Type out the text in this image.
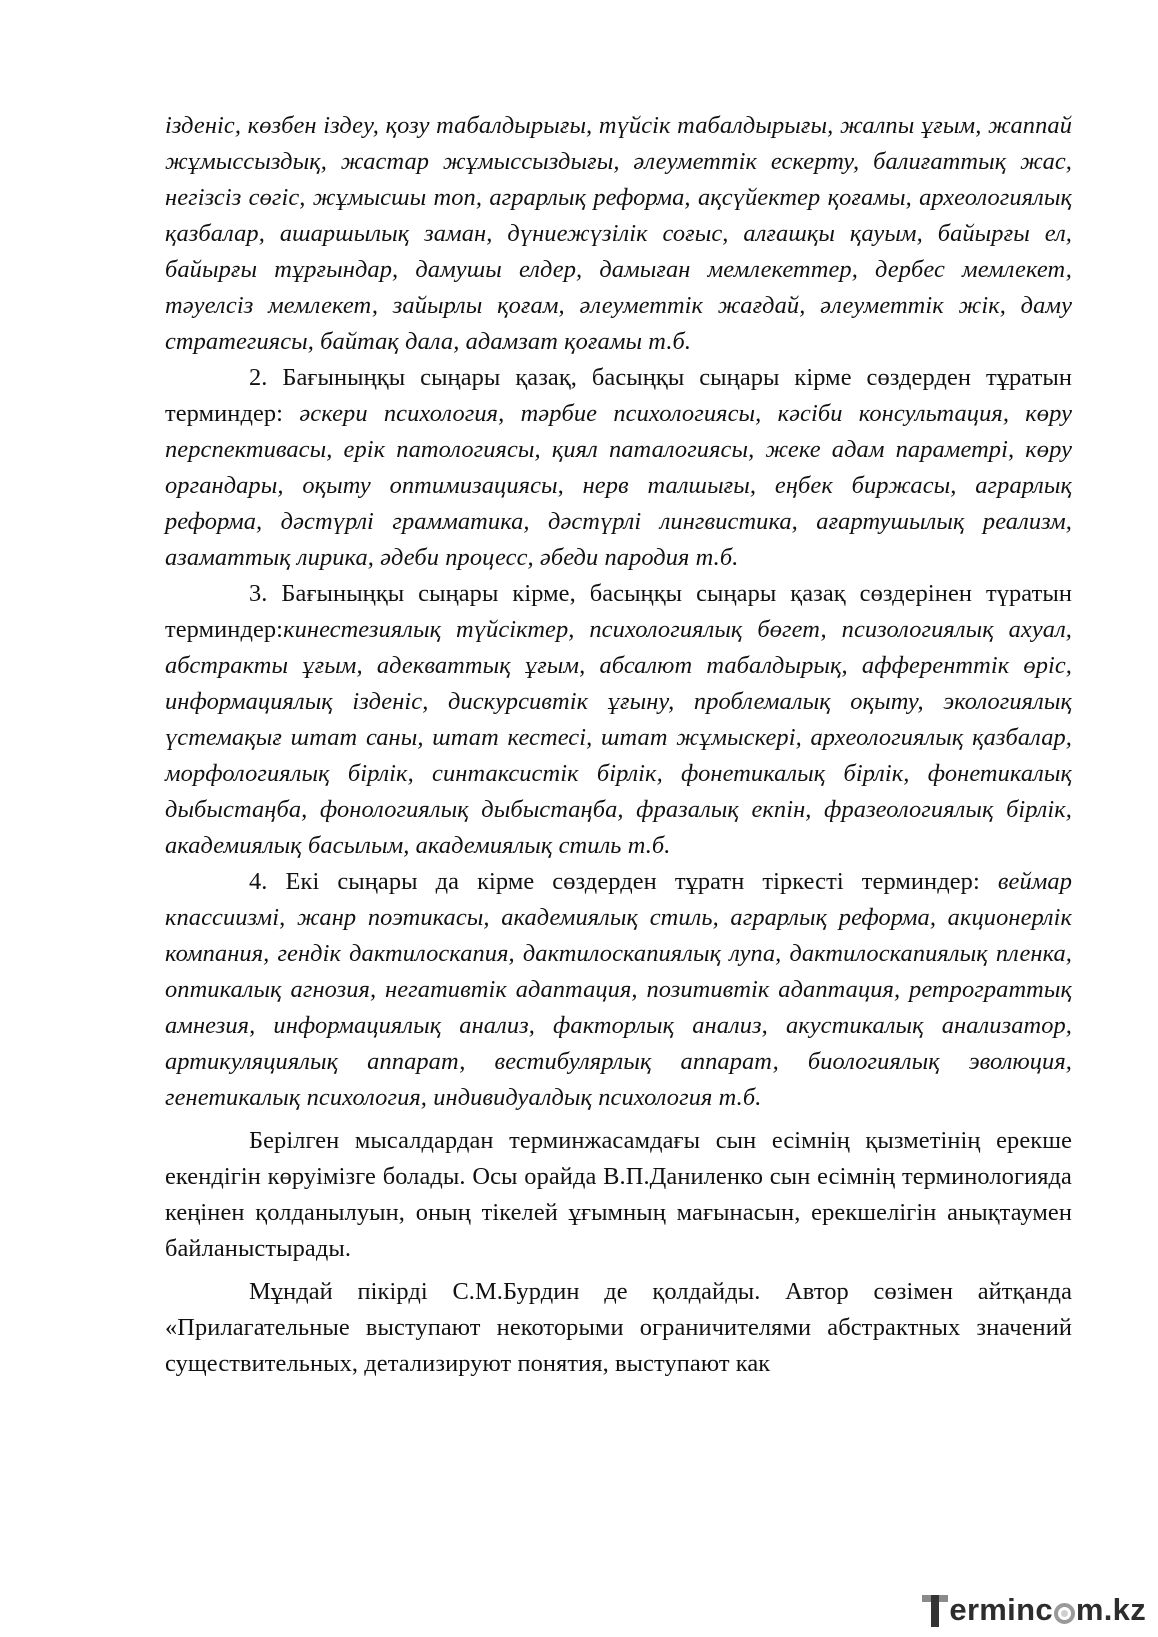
ізденіс, көзбен іздеу, қозу табалдырығы, түйсік табалдырығы, жалпы ұғым, жаппай жұмыссыздық, жастар жұмыссыздығы, әлеуметтік ескерту, балиғаттық жас, негізсіз сөгіс, жұмысшы топ, аграрлық реформа, ақсүйектер қоғамы, археологиялық қазбалар, ашаршылық заман, дүниежүзілік соғыс, алғашқы қауым, байырғы ел, байырғы тұрғындар, дамушы елдер, дамыған мемлекеттер, дербес мемлекет, тәуелсіз мемлекет, зайырлы қоғам, әлеуметтік жағдай, әлеуметтік жік, даму стратегиясы, байтақ дала, адамзат қоғамы т.б.

2. Бағыныңқы сыңары қазақ, басыңқы сыңары кірме сөздерден тұратын терминдер: әскери психология, тәрбие психологиясы, кәсіби консультация, көру перспективасы, ерік патологиясы, қиял паталогиясы, жеке адам параметрі, көру органдары, оқыту оптимизациясы, нерв талшығы, еңбек биржасы, аграрлық реформа, дәстүрлі грамматика, дәстүрлі лингвистика, ағартушылық реализм, азаматтық лирика, әдеби процесс, әбеди пародия т.б.

3. Бағыныңқы сыңары кірме, басыңқы сыңары қазақ сөздерінен түратын терминдер:кинестезиялық түйсіктер, психологиялық бөгет, псизологиялық ахуал, абстракты ұғым, адекваттық ұғым, абсалют табалдырық, афференттік өріс, информациялық ізденіс, дискурсивтік ұғыну, проблемалық оқыту, экологиялық үстемақығ штат саны, штат кестесі, штат жұмыскері, археологиялық қазбалар, морфологиялық бірлік, синтаксистік бірлік, фонетикалық бірлік, фонетикалық дыбыстаңба, фонологиялық дыбыстаңба, фразалық екпін, фразеологиялық бірлік, академиялық басылым, академиялық стиль т.б.

4. Екі сыңары да кірме сөздерден тұратн тіркесті терминдер: веймар кпассиизмі, жанр поэтикасы, академиялық стиль, аграрлық реформа, акционерлік компания, гендік дактилоскапия, дактилоскапиялық лупа, дактилоскапиялық пленка, оптикалық агнозия, негативтік адаптация, позитивтік адаптация, ретрограттық амнезия, информациялық анализ, факторлық анализ, акустикалық анализатор, артикуляциялық аппарат, вестибулярлық аппарат, биологиялық эволюция, генетикалық психология, индивидуалдық психология т.б.

Берілген мысалдардан терминжасамдағы сын есімнің қызметінің ерекше екендігін көруімізге болады. Осы орайда В.П.Даниленко сын есімнің терминологияда кеңінен қолданылуын, оның тікелей ұғымның мағынасын, ерекшелігін анықтаумен байланыстырады.

Мұндай пікірді С.М.Бурдин де қолдайды. Автор сөзімен айтқанда «Прилагательные выступают некоторыми ограничителями абстрактных значений существительных, детализируют понятия, выступают как

erminc m.kz
